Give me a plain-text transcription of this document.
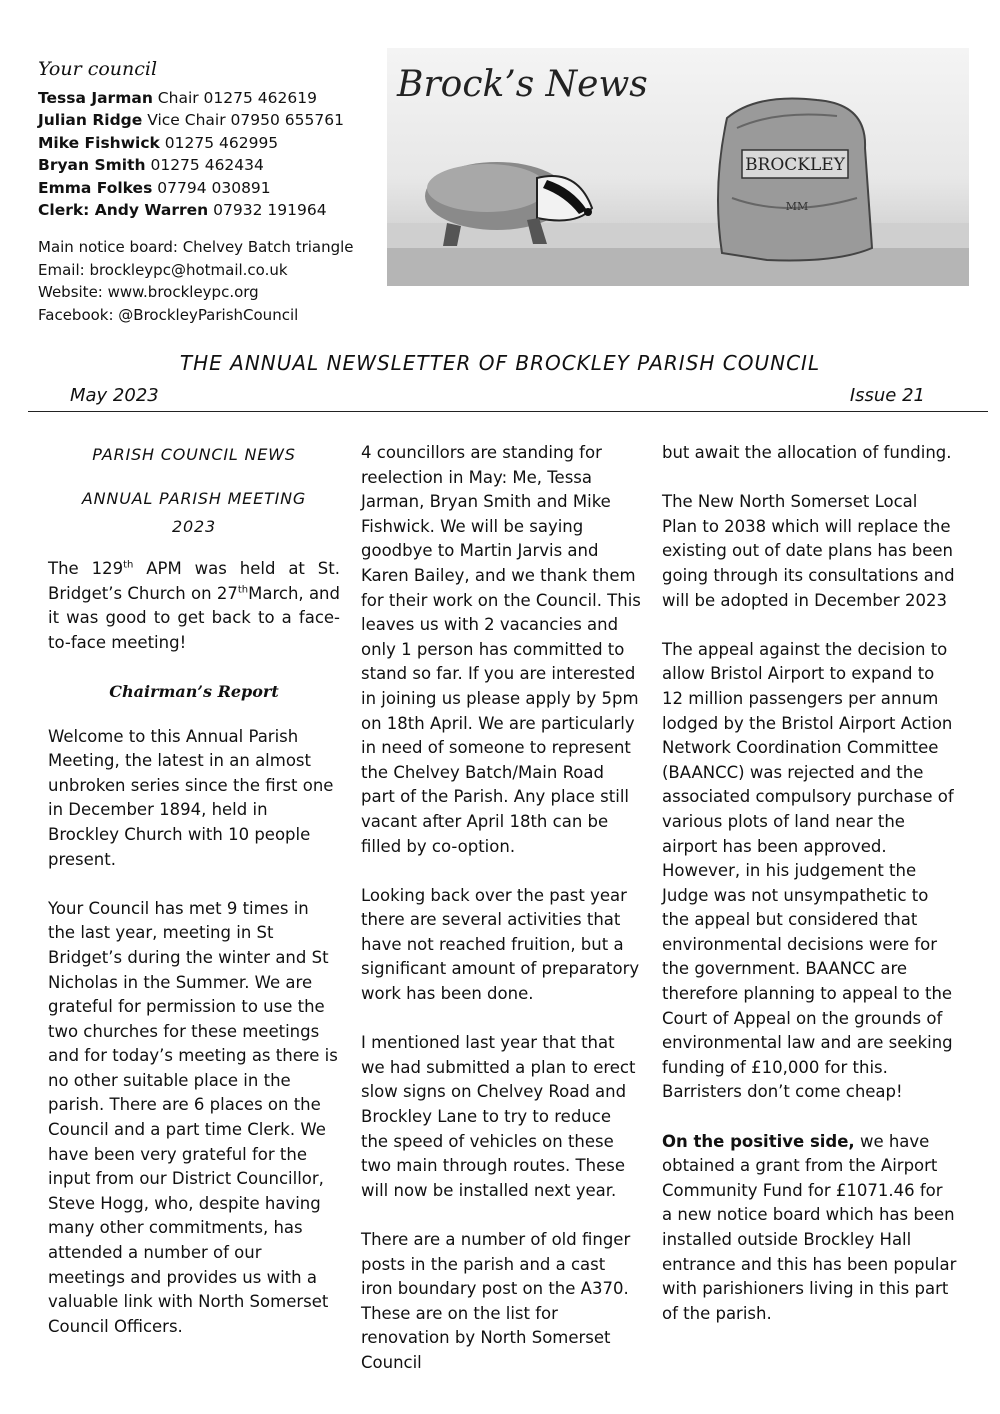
Your council
Tessa Jarman Chair 01275 462619
Julian Ridge Vice Chair 07950 655761
Mike Fishwick 01275 462995
Bryan Smith 01275 462434
Emma Folkes 07794 030891
Clerk: Andy Warren 07932 191964
Main notice board: Chelvey Batch triangle
Email: brockleypc@hotmail.co.uk
Website: www.brockleypc.org
Facebook: @BrockleyParishCouncil
BROCKLEY
MM
Brock’s News
THE ANNUAL NEWSLETTER OF BROCKLEY PARISH COUNCIL
May 2023	Issue 21
PARISH COUNCIL NEWS
ANNUAL PARISH MEETING
2023

The 129th APM was held at St. Bridget’s Church on 27thMarch, and it was good to get back to a face-to-face meeting!

Chairman’s Report

Welcome to this Annual Parish Meeting, the latest in an almost unbroken series since the first one in December 1894, held in Brockley Church with 10 people present.

Your Council has met 9 times in the last year, meeting in St Bridget’s during the winter and St Nicholas in the Summer. We are grateful for permission to use the two churches for these meetings and for today’s meeting as there is no other suitable place in the parish. There are 6 places on the Council and a part time Clerk. We have been very grateful for the input from our District Councillor, Steve Hogg, who, despite having many other commitments, has attended a number of our meetings and provides us with a valuable link with North Somerset Council Officers.

4 councillors are standing for reelection in May: Me, Tessa Jarman, Bryan Smith and Mike Fishwick. We will be saying goodbye to Martin Jarvis and Karen Bailey, and we thank them for their work on the Council. This leaves us with 2 vacancies and only 1 person has committed to stand so far. If you are interested in joining us please apply by 5pm on 18th April. We are particularly in need of someone to represent the Chelvey Batch/Main Road part of the Parish. Any place still vacant after April 18th can be filled by co-option.

Looking back over the past year there are several activities that have not reached fruition, but a significant amount of preparatory work has been done.

I mentioned last year that that we had submitted a plan to erect slow signs on Chelvey Road and Brockley Lane to try to reduce the speed of vehicles on these two main through routes. These will now be installed next year.

There are a number of old finger posts in the parish and a cast iron boundary post on the A370. These are on the list for renovation by North Somerset Council

but await the allocation of funding.

The New North Somerset Local Plan to 2038 which will replace the existing out of date plans has been going through its consultations and will be adopted in December 2023

The appeal against the decision to allow Bristol Airport to expand to 12 million passengers per annum lodged by the Bristol Airport Action Network Coordination Committee (BAANCC) was rejected and the associated compulsory purchase of various plots of land near the airport has been approved. However, in his judgement the Judge was not unsympathetic to the appeal but considered that environmental decisions were for the government. BAANCC are therefore planning to appeal to the Court of Appeal on the grounds of environmental law and are seeking funding of £10,000 for this. Barristers don’t come cheap!

On the positive side, we have obtained a grant from the Airport Community Fund for £1071.46 for a new notice board which has been installed outside Brockley Hall entrance and this has been popular with parishioners living in this part of the parish.
